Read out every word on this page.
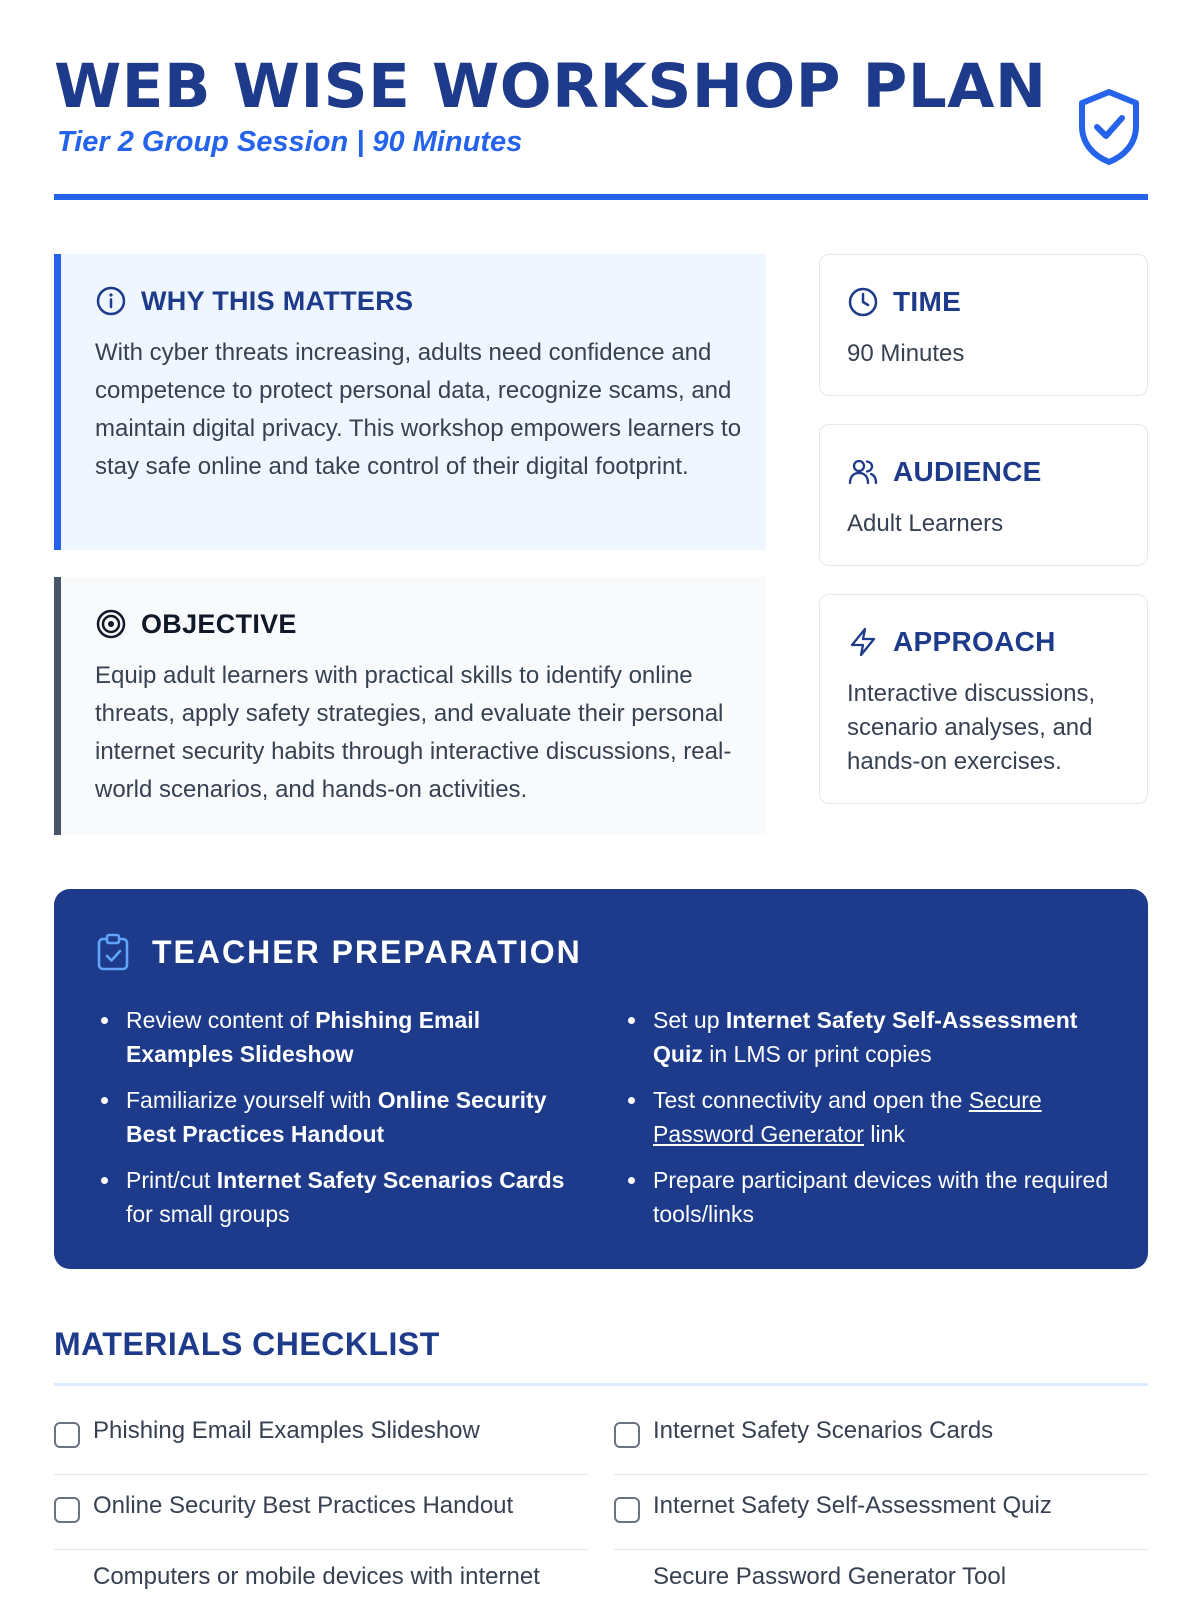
WEB WISE WORKSHOP PLAN
Tier 2 Group Session | 90 Minutes
WHY THIS MATTERS
With cyber threats increasing, adults need confidence and competence to protect personal data, recognize scams, and maintain digital privacy. This workshop empowers learners to stay safe online and take control of their digital footprint.
OBJECTIVE
Equip adult learners with practical skills to identify online threats, apply safety strategies, and evaluate their personal internet security habits through interactive discussions, real-world scenarios, and hands-on activities.
TIME
90 Minutes
AUDIENCE
Adult Learners
APPROACH
Interactive discussions, scenario analyses, and hands-on exercises.
TEACHER PREPARATION
Review content of Phishing Email Examples Slideshow
Familiarize yourself with Online Security Best Practices Handout
Print/cut Internet Safety Scenarios Cards for small groups
Set up Internet Safety Self-Assessment Quiz in LMS or print copies
Test connectivity and open the Secure Password Generator link
Prepare participant devices with the required tools/links
MATERIALS CHECKLIST
Phishing Email Examples Slideshow	Internet Safety Scenarios Cards
Online Security Best Practices Handout	Internet Safety Self-Assessment Quiz
Computers or mobile devices with internet	Secure Password Generator Tool
